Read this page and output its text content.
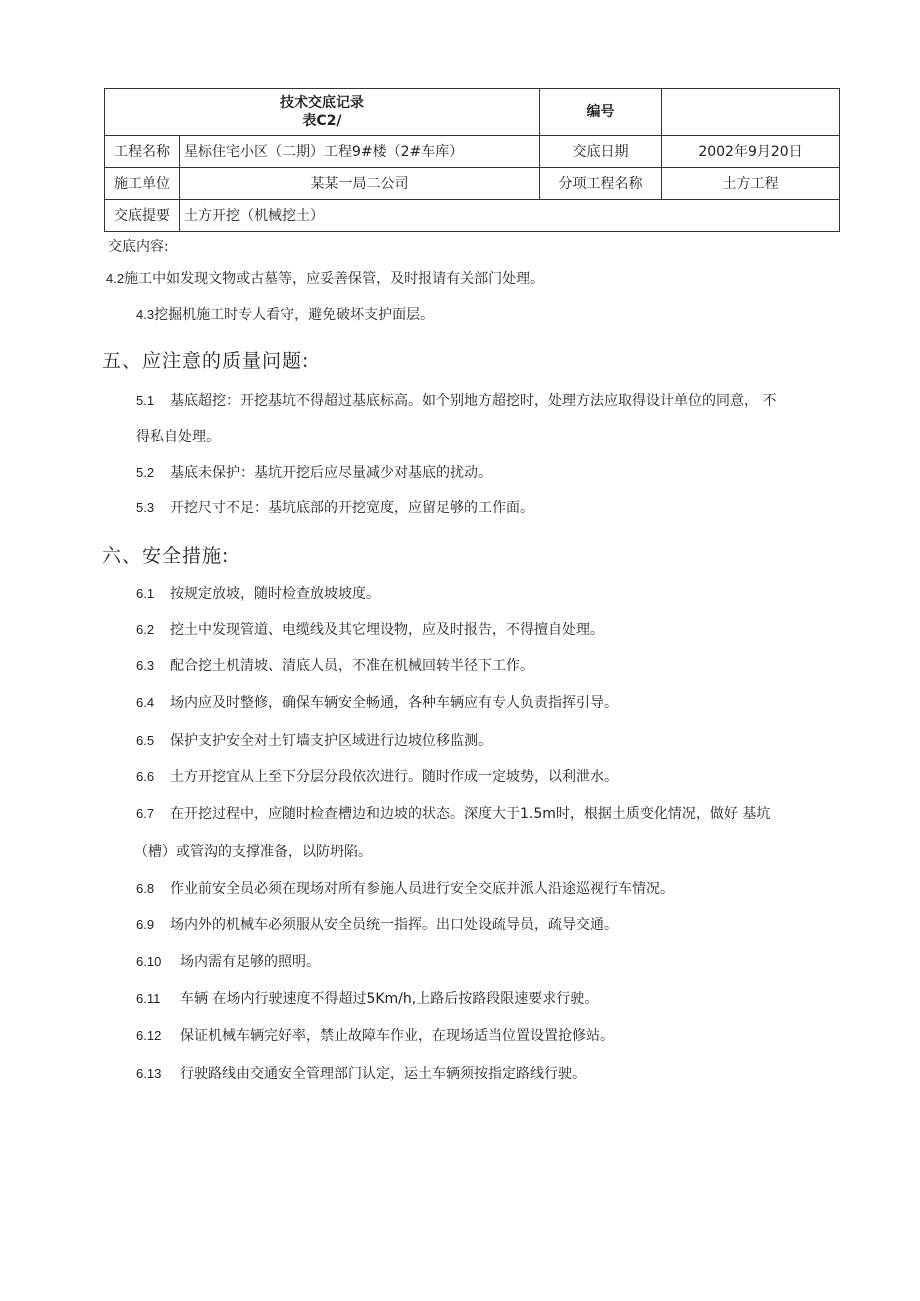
技术交底记录
表C2/		编号	
工程名称	星标住宅小区（二期）工程9#楼（2#车库）	交底日期	2002年9月20日
施工单位	某某一局二公司	分项工程名称	土方工程
交底提要	土方开挖（机械挖土）		
交底内容:
4.2施工中如发现文物或古墓等，应妥善保管，及时报请有关部门处理。
4.3挖掘机施工时专人看守，避免破坏支护面层。
五、应注意的质量问题:
5.1 基底超挖：开挖基坑不得超过基底标高。如个别地方超挖时，处理方法应取得设计单位的同意， 不
得私自处理。
5.2 基底未保护：基坑开挖后应尽量减少对基底的扰动。
5.3 开挖尺寸不足：基坑底部的开挖宽度，应留足够的工作面。
六、安全措施:
6.1 按规定放坡，随时检查放坡坡度。
6.2 挖土中发现管道、电缆线及其它埋设物，应及时报告，不得擅自处理。
6.3 配合挖土机清坡、清底人员，不准在机械回转半径下工作。
6.4 场内应及时整修，确保车辆安全畅通，各种车辆应有专人负责指挥引导。
6.5 保护支护安全对土钉墙支护区域进行边坡位移监测。
6.6 土方开挖宜从上至下分层分段依次进行。随时作成一定坡势，以利泄水。
6.7 在开挖过程中，应随时检查槽边和边坡的状态。深度大于1.5m时，根据土质变化情况，做好 基坑
（槽）或管沟的支撑准备，以防坍陷。
6.8 作业前安全员必须在现场对所有参施人员进行安全交底并派人沿途巡视行车情况。
6.9 场内外的机械车必须服从安全员统一指挥。出口处设疏导员，疏导交通。
6.10 场内需有足够的照明。
6.11 车辆 在场内行驶速度不得超过5Km/h,上路后按路段限速要求行驶。
6.12 保证机械车辆完好率，禁止故障车作业，在现场适当位置设置抢修站。
6.13 行驶路线由交通安全管理部门认定，运土车辆须按指定路线行驶。
